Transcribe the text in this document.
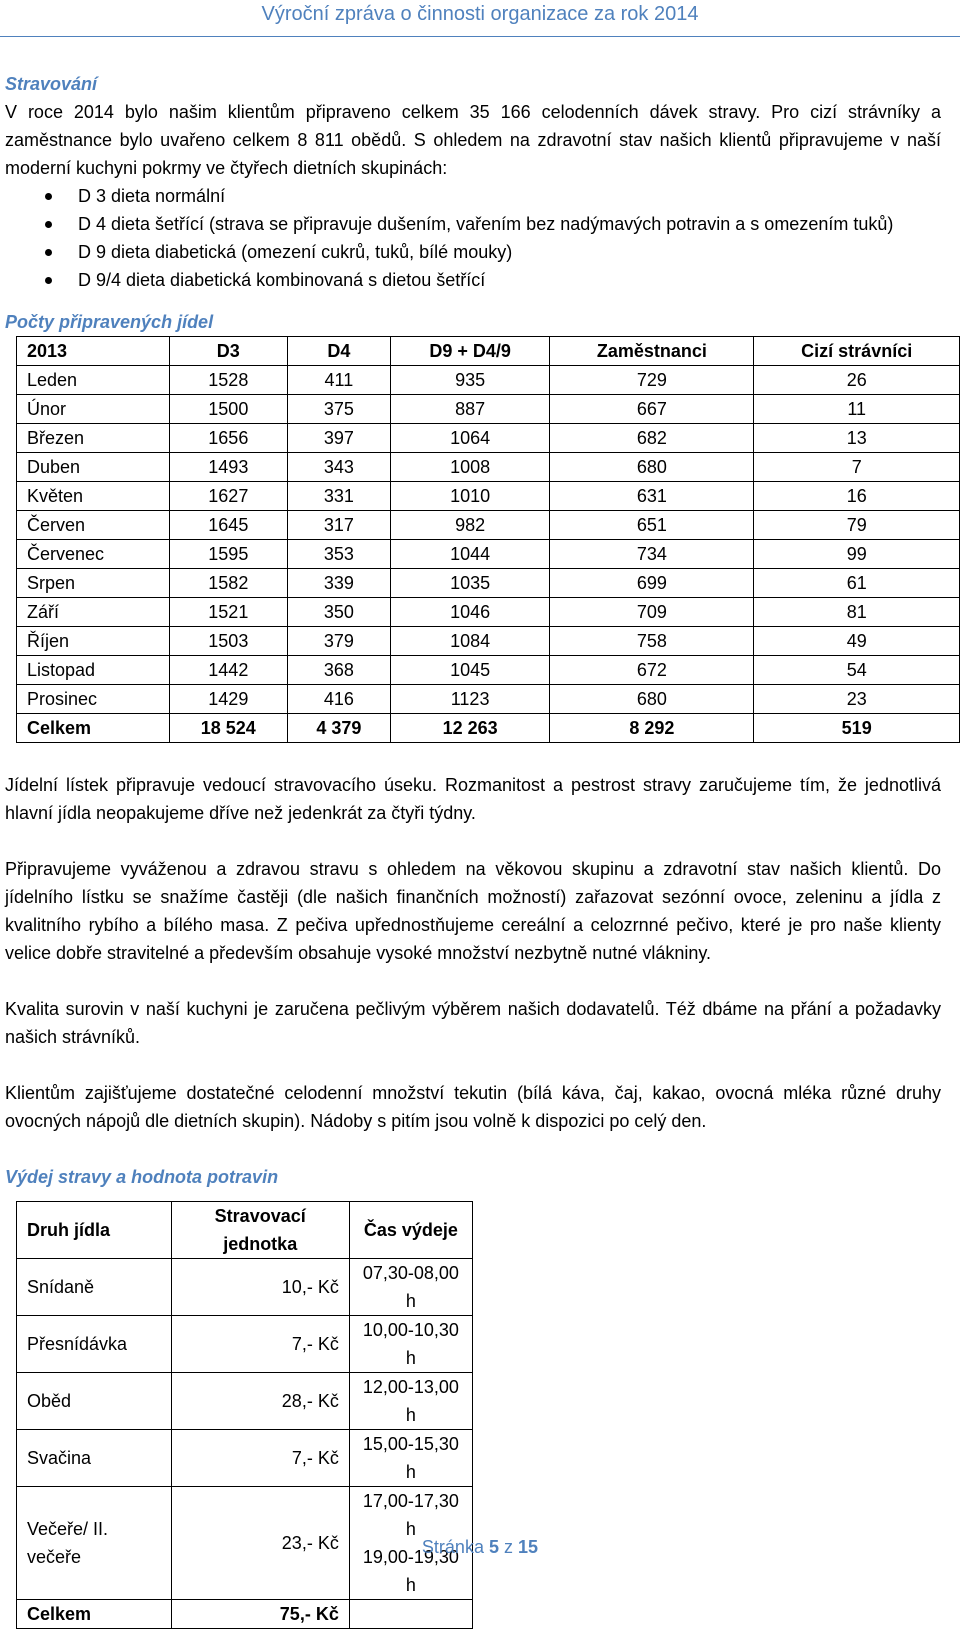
Výroční zpráva o činnosti organizace za rok 2014

Stravování

V roce 2014 bylo našim klientům připraveno celkem 35 166 celodenních dávek stravy. Pro cizí strávníky a zaměstnance bylo uvařeno celkem 8 811 obědů. S ohledem na zdravotní stav našich klientů připravujeme v naší moderní kuchyni pokrmy ve čtyřech dietních skupinách:

D 3 dieta normální
D 4 dieta šetřící (strava se připravuje dušením, vařením bez nadýmavých potravin a s omezením tuků)
D 9 dieta diabetická (omezení cukrů, tuků, bílé mouky)
D 9/4 dieta diabetická kombinovaná s dietou šetřící

Počty připravených jídel

2013	D3	D4	D9 + D4/9	Zaměstnanci	Cizí strávníci
Leden	1528	411	935	729	26
Únor	1500	375	887	667	11
Březen	1656	397	1064	682	13
Duben	1493	343	1008	680	7
Květen	1627	331	1010	631	16
Červen	1645	317	982	651	79
Červenec	1595	353	1044	734	99
Srpen	1582	339	1035	699	61
Září	1521	350	1046	709	81
Říjen	1503	379	1084	758	49
Listopad	1442	368	1045	672	54
Prosinec	1429	416	1123	680	23
Celkem	18 524	4 379	12 263	8 292	519

Jídelní lístek připravuje vedoucí stravovacího úseku. Rozmanitost a pestrost stravy zaručujeme tím, že jednotlivá hlavní jídla neopakujeme dříve než jedenkrát za čtyři týdny.

Připravujeme vyváženou a zdravou stravu s ohledem na věkovou skupinu a zdravotní stav našich klientů. Do jídelního lístku se snažíme častěji (dle našich finančních možností) zařazovat sezónní ovoce, zeleninu a jídla z kvalitního rybího a bílého masa. Z pečiva upřednostňujeme cereální a celozrnné pečivo, které je pro naše klienty velice dobře stravitelné a především obsahuje vysoké množství nezbytně nutné vlákniny.

Kvalita surovin v naší kuchyni je zaručena pečlivým výběrem našich dodavatelů. Též dbáme na přání a požadavky našich strávníků.

Klientům zajišťujeme dostatečné celodenní množství tekutin (bílá káva, čaj, kakao, ovocná mléka různé druhy ovocných nápojů dle dietních skupin). Nádoby s pitím jsou volně k dispozici po celý den.

Výdej stravy a hodnota potravin

Druh jídla	Stravovací jednotka	Čas výdeje
Snídaně	10,- Kč	07,30-08,00 h
Přesnídávka	7,- Kč	10,00-10,30 h
Oběd	28,- Kč	12,00-13,00 h
Svačina	7,- Kč	15,00-15,30 h
Večeře/ II. večeře	23,- Kč	17,00-17,30 h
19,00-19,30 h

Celkem	75,- Kč	
Stránka 5 z 15
